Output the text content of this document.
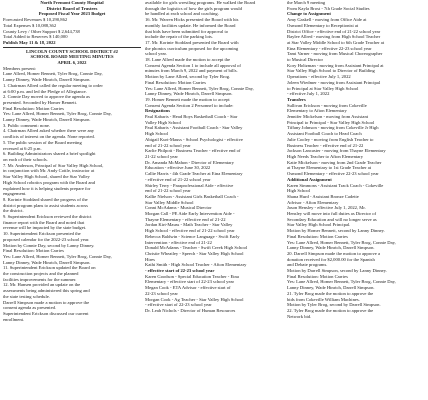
North Fremont County Hospital
District Board of Trustees
Proposed Fiscal Year 2023 Budget
Forecasted Revenues $ 10,290,862
Total Expenses $ 10,088,362
County Levy / Other Support $ 2,644,738
Total Added to Reserves $ 140,000
Publish May 11 & 18, 2022
LINCOLN COUNTY SCHOOL DISTRICT #2
SCHOOL BOARD MEETING MINUTES
APRIL 6, 2022
Members present:
Lane Allred, Homer Bennett, Tyler Brog, Connie Day,
Lanny Dinney, Wade Hinrich, Darrell Simpson.
1. Chairman Allred called the regular meeting to order
at 6:00 p.m. and led the Pledge of Allegiance.
2. Connie Day moved to approve the agenda as
presented. Seconded by Homer Bennett.
Final Resolution: Motion Carries
Yes: Lane Allred, Homer Bennett, Tyler Brog, Connie Day,
Lanny Dinney, Wade Hinrich, Darrell Simpson.
3. Public comment: none.
4. Chairman Allred asked whether there were any
conflicts of interest on the agenda. None reported.
5. The public session of the Board meeting
recessed at 6:25 p.m.
6. Building Administrators shared a brief spotlight
on each of their schools.
7. Mr. Anderson, Principal of Star Valley High School,
in conjunction with Mr. Andy Cottle, instructor at
Star Valley High School, shared the Star Valley
High School robotics program with the Board and
explained how it is helping students prepare for
engagement.
8. Kortnie Stoddard shared the progress of the
district program plans to assist students across
the district.
9. Superintendent Erickson reviewed the district
finance report with the Board and noted that
revenue will be impacted by the state budget.
10. Superintendent Erickson presented the
proposed calendar for the 2022-23 school year.
Motion by Connie Day, second by Lanny Dinney.
Final Resolution: Motion Carries
Yes: Lane Allred, Homer Bennett, Tyler Brog, Connie Day,
Lanny Dinney, Wade Hinrich, Darrell Simpson.
11. Superintendent Erickson updated the Board on
the construction projects and the planned
facilities improvements for the summer.
12. Mr. Hansen provided an update on the
assessments being administered this spring and
the state testing schedule.
Darrell Simpson made a motion to approve the
consent agenda as presented.
Superintendent Erickson discussed our current
enrollment.
available for girls wrestling programs. He walked the Board
through the logistics of how the girls program would
be handled at each school and coaching.
16. Mr. Warren Hicks presented the Board with his
monthly facilities update. He informed the Board
that bids have been submitted for approval to
include the repair of the parking lots.
17. Mr. Kortnie Stoddard presented the Board with
the phonics curriculum proposed for the upcoming
school year.
18. Lane Allred made the motion to accept the
Consent Agenda Section 1 to include all approval of
minutes from March 9, 2022 and payment of bills.
Motion by Lane Allred, second by Tyler Brog.
Final Resolution: Motion Carries
Yes: Lane Allred, Homer Bennett, Tyler Brog, Connie Day,
Lanny Dinney, Wade Hinrich, Darrell Simpson.
19. Homer Bennett made the motion to accept
Consent Agenda Section 2 Personnel to include:
Resignations
Paul Kabaris - Head Boys Basketball Coach - Star
Valley High School
Paul Kabaris - Assistant Football Coach - Star Valley
High School
Abigail Kurt-Mauss - School Psychologist - effective
end of 21-22 school year
Karlie Philpott - Business Teacher - effective end of
21-22 school year
Dr. Amanda McMahon - Director of Elementary
Education - effective June 30, 2022
Callie Harris - 4th Grade Teacher at Etna Elementary
- effective end of 21-22 school year
Shirley Terry - Paraprofessional Aide - effective
end of 21-22 school year
Kallie Nielson - Assistant Girls Basketball Coach -
Star Valley Middle School
Conni McAdams - Musical Director
Morgan Call - PE Aide Early Intervention Aide -
Thayne Elementary - effective end of 21-22
Jordan Kirt-Mauss - Math Teacher - Star Valley
High School - effective end of 21-22 school year
Rebecca Baldwin - Science Language - Swift Early
Intervention - effective end of 21-22
Donald McAdams - Teacher - Swift Creek High School
Christie Wheatley - Speech - Star Valley High School
Hires
Kathi Smith - High School Teacher - Afton Elementary
- effective start of 22-23 school year
Karen Goodson - Special Education Teacher - Etna
Elementary - effective start of 22-23 school year
Megan Cook - ETA Advisor - effective start of
22-23 school year
Morgan Cook - Ag Teacher - Star Valley High School
- effective start of 22-23 school year
Dr. Leah Nichols - Director of Human Resources
the March 9 meeting
From Kayla Brost - 7th Grade Social Studies
Change to Assignment
Amy Gaskell - moving from Office Aide at
Osmond Elementary to Receptionist at
District Office - effective end of 21-22 school year
Baylee Allred - moving from High School Teacher
at Star Valley Middle School to 6th Grade Teacher at
Etna Elementary - effective 22-23 school year
Tami Varner - moving from Musical Choreographer
to Musical Director
Kory Holtzman - moving from Assistant Principal at
Star Valley High School to Director of Building
Operations - effective July 1, 2022
Joleen Wiedmer - moving from Assistant Principal
to Principal at Star Valley High School
- effective July 1, 2022
Transfers
Sullivan Erickson - moving from Cokeville
Elementary to Afton Elementary
Jennifer Mickelson - moving from Assistant
Principal to Principal - Star Valley High School
Tiffany Johnson - moving from Cokeville Jr High
Assistant Football Coach to Head Coach
Julie Cooley - moving from English Teacher to
Business Teacher - effective end of 21-22
Jackson Lancaster - moving from Thayne Elementary
High Needs Teacher to Afton Elementary
Katie Mickelson - moving from 2nd Grade Teacher
at Thayne Elementary to 1st Grade Teacher at
Osmond Elementary - effective 22-23 school year
Additional Assignment
Karen Simmons - Assistant Track Coach - Cokeville
High School
Shana Hurd - Assistant Bronze Cadette
Advisor - Afton Elementary
Jason Hensley - effective July 1, 2022, Mr.
Hensley will move into full duties as Director of
Secondary Education and will no longer serve as
Star Valley High School Principal.
Motion by Homer Bennett, second by Lanny Dinney.
Final Resolution: Motion Carries
Yes: Lane Allred, Homer Bennett, Tyler Brog, Connie Day,
Lanny Dinney, Wade Hinrich, Darrell Simpson.
20. Darrell Simpson made the motion to approve a
donation received for $2,000.00 for the Spanish
and Debate programs.
Motion by Darrell Simpson, second by Lanny Dinney.
Final Resolution: Motion Carries
Yes: Lane Allred, Homer Bennett, Tyler Brog, Connie Day,
Lanny Dinney, Wade Hinrich, Darrell Simpson.
21. Tyler Brog made the motion to approve the
bids from Cokeville William Machines.
Motion by Tyler Brog, second by Darrell Simpson.
22. Tyler Brog made the motion to approve the
Network bid.
